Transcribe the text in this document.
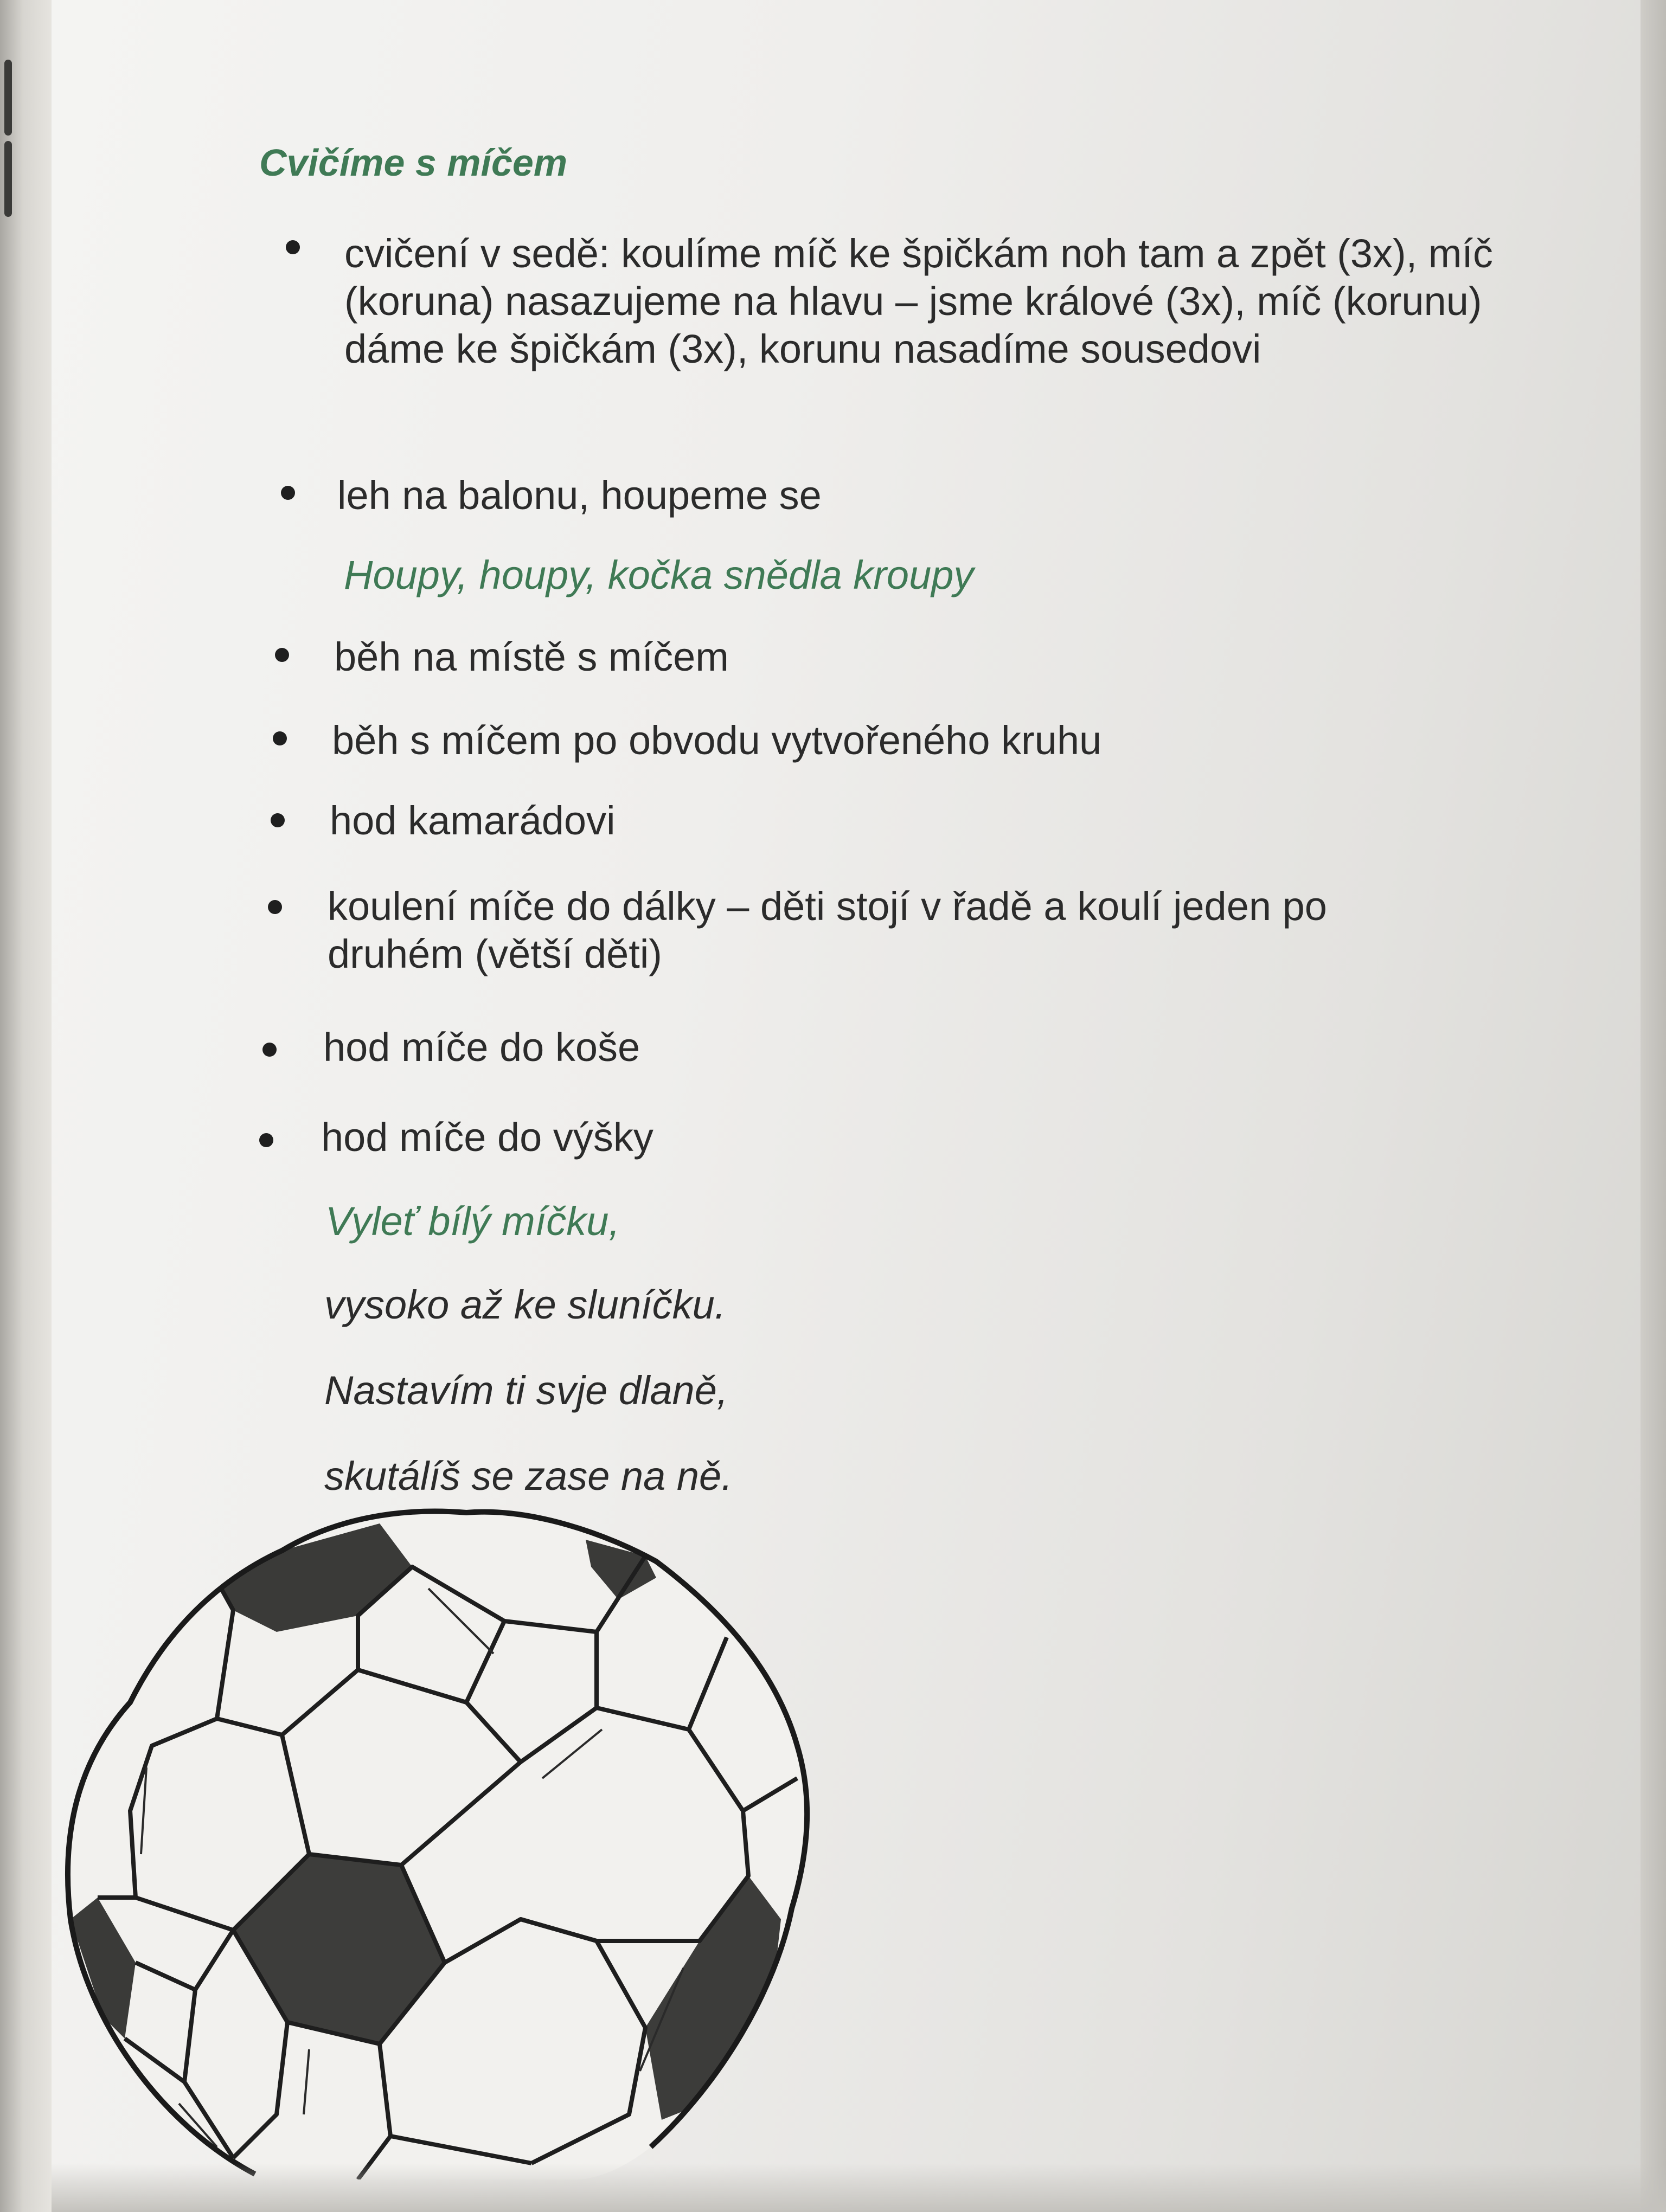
Cvičíme s míčem
cvičení v sedě: koulíme míč ke špičkám noh tam a zpět (3x), míč (koruna) nasazujeme na hlavu – jsme králové (3x), míč (korunu) dáme ke špičkám (3x), korunu nasadíme sousedovi
leh na balonu, houpeme se
Houpy, houpy, kočka snědla kroupy
běh na místě s míčem
běh s míčem po obvodu vytvořeného kruhu
hod kamarádovi
koulení míče do dálky – děti stojí v řadě a koulí jeden po druhém (větší děti)
hod míče do koše
hod míče do výšky
Vyleť bílý míčku,
vysoko až ke sluníčku.
Nastavím ti svje dlaně,
skutálíš se zase na ně.
